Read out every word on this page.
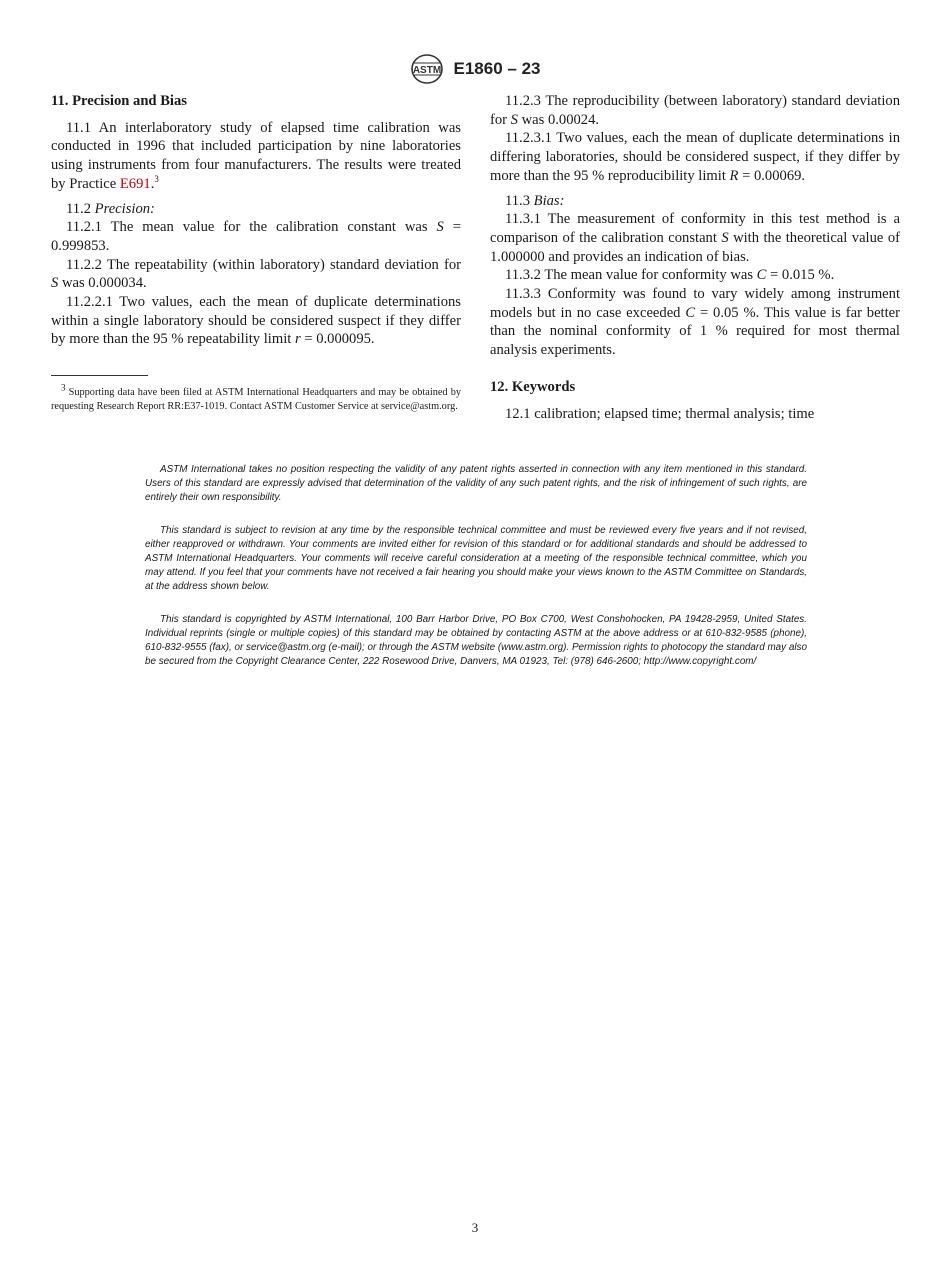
ASTM E1860 – 23

11. Precision and Bias

11.1 An interlaboratory study of elapsed time calibration was conducted in 1996 that included participation by nine laboratories using instruments from four manufacturers. The results were treated by Practice E691.$^3$

11.2 Precision:

11.2.1 The mean value for the calibration constant was S = 0.999853.

11.2.2 The repeatability (within laboratory) standard deviation for S was 0.000034.

11.2.2.1 Two values, each the mean of duplicate determinations within a single laboratory should be considered suspect if they differ by more than the 95 % repeatability limit r = 0.000095.

$^3$ Supporting data have been filed at ASTM International Headquarters and may be obtained by requesting Research Report RR:E37-1019. Contact ASTM Customer Service at service@astm.org.

11.2.3 The reproducibility (between laboratory) standard deviation for S was 0.00024.

11.2.3.1 Two values, each the mean of duplicate determinations in differing laboratories, should be considered suspect, if they differ by more than the 95 % reproducibility limit R = 0.00069.

11.3 Bias:

11.3.1 The measurement of conformity in this test method is a comparison of the calibration constant S with the theoretical value of 1.000000 and provides an indication of bias.

11.3.2 The mean value for conformity was C = 0.015 %.

11.3.3 Conformity was found to vary widely among instrument models but in no case exceeded C = 0.05 %. This value is far better than the nominal conformity of 1 % required for most thermal analysis experiments.

12. Keywords

12.1 calibration; elapsed time; thermal analysis; time

ASTM International takes no position respecting the validity of any patent rights asserted in connection with any item mentioned in this standard. Users of this standard are expressly advised that determination of the validity of any such patent rights, and the risk of infringement of such rights, are entirely their own responsibility.

This standard is subject to revision at any time by the responsible technical committee and must be reviewed every five years and if not revised, either reapproved or withdrawn. Your comments are invited either for revision of this standard or for additional standards and should be addressed to ASTM International Headquarters. Your comments will receive careful consideration at a meeting of the responsible technical committee, which you may attend. If you feel that your comments have not received a fair hearing you should make your views known to the ASTM Committee on Standards, at the address shown below.

This standard is copyrighted by ASTM International, 100 Barr Harbor Drive, PO Box C700, West Conshohocken, PA 19428-2959, United States. Individual reprints (single or multiple copies) of this standard may be obtained by contacting ASTM at the above address or at 610-832-9585 (phone), 610-832-9555 (fax), or service@astm.org (e-mail); or through the ASTM website (www.astm.org). Permission rights to photocopy the standard may also be secured from the Copyright Clearance Center, 222 Rosewood Drive, Danvers, MA 01923, Tel: (978) 646-2600; http://www.copyright.com/

3
